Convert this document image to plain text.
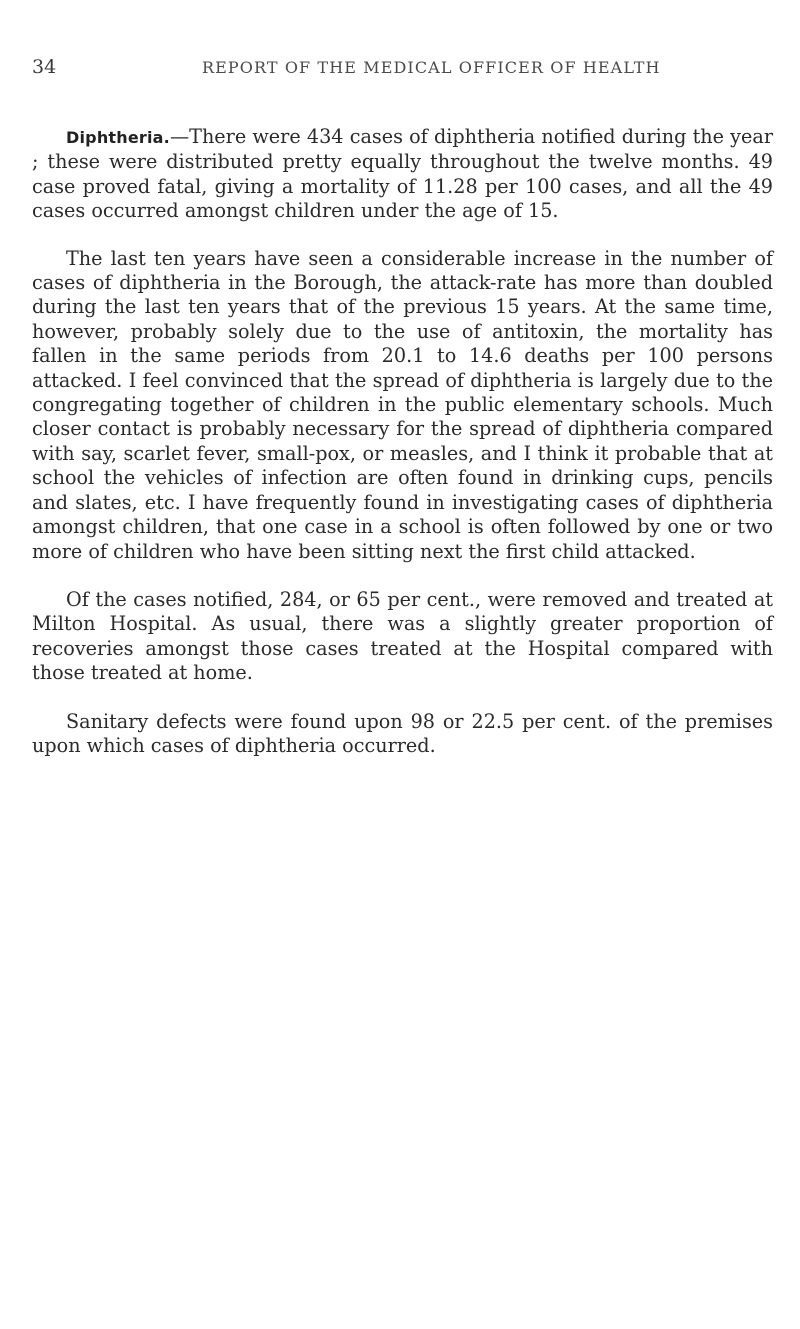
34	REPORT OF THE MEDICAL OFFICER OF HEALTH

Diphtheria.—There were 434 cases of diphtheria notified during the year ; these were distributed pretty equally throughout the twelve months. 49 case proved fatal, giving a mortality of 11.28 per 100 cases, and all the 49 cases occurred amongst children under the age of 15.

The last ten years have seen a considerable increase in the number of cases of diphtheria in the Borough, the attack-rate has more than doubled during the last ten years that of the previous 15 years. At the same time, however, probably solely due to the use of antitoxin, the mortality has fallen in the same periods from 20.1 to 14.6 deaths per 100 persons attacked. I feel convinced that the spread of diphtheria is largely due to the congregating together of children in the public elementary schools. Much closer contact is probably necessary for the spread of diphtheria compared with say, scarlet fever, small-pox, or measles, and I think it probable that at school the vehicles of infection are often found in drinking cups, pencils and slates, etc. I have frequently found in investigating cases of diphtheria amongst children, that one case in a school is often followed by one or two more of children who have been sitting next the first child attacked.

Of the cases notified, 284, or 65 per cent., were removed and treated at Milton Hospital. As usual, there was a slightly greater proportion of recoveries amongst those cases treated at the Hospital compared with those treated at home.

Sanitary defects were found upon 98 or 22.5 per cent. of the premises upon which cases of diphtheria occurred.
